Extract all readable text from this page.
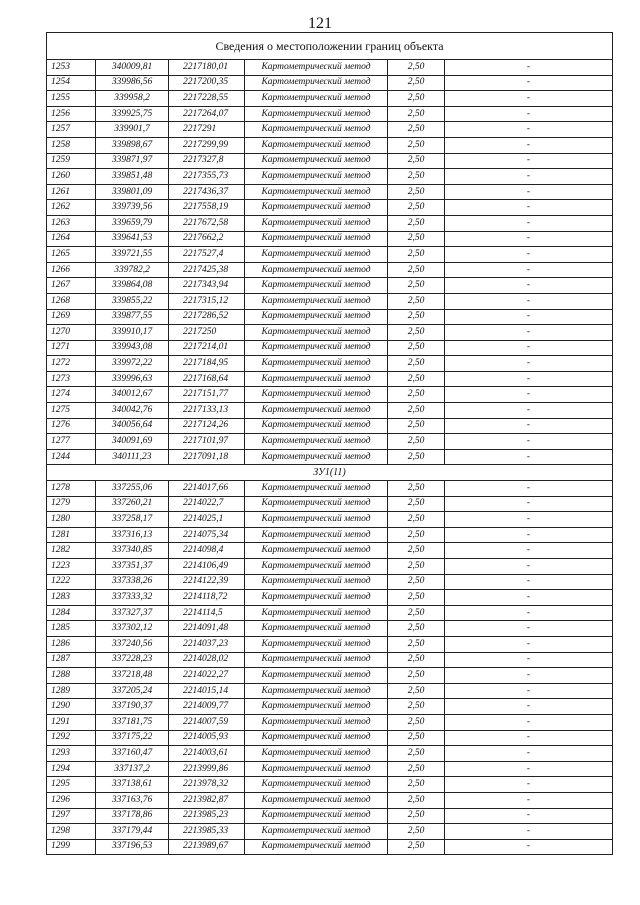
121
Сведения о местоположении границ объекта					
1253	340009,81	2217180,01	Картометрический метод	2,50	-
1254	339986,56	2217200,35	Картометрический метод	2,50	-
1255	339958,2	2217228,55	Картометрический метод	2,50	-
1256	339925,75	2217264,07	Картометрический метод	2,50	-
1257	339901,7	2217291	Картометрический метод	2,50	-
1258	339898,67	2217299,99	Картометрический метод	2,50	-
1259	339871,97	2217327,8	Картометрический метод	2,50	-
1260	339851,48	2217355,73	Картометрический метод	2,50	-
1261	339801,09	2217436,37	Картометрический метод	2,50	-
1262	339739,56	2217558,19	Картометрический метод	2,50	-
1263	339659,79	2217672,58	Картометрический метод	2,50	-
1264	339641,53	2217662,2	Картометрический метод	2,50	-
1265	339721,55	2217527,4	Картометрический метод	2,50	-
1266	339782,2	2217425,38	Картометрический метод	2,50	-
1267	339864,08	2217343,94	Картометрический метод	2,50	-
1268	339855,22	2217315,12	Картометрический метод	2,50	-
1269	339877,55	2217286,52	Картометрический метод	2,50	-
1270	339910,17	2217250	Картометрический метод	2,50	-
1271	339943,08	2217214,01	Картометрический метод	2,50	-
1272	339972,22	2217184,95	Картометрический метод	2,50	-
1273	339996,63	2217168,64	Картометрический метод	2,50	-
1274	340012,67	2217151,77	Картометрический метод	2,50	-
1275	340042,76	2217133,13	Картометрический метод	2,50	-
1276	340056,64	2217124,26	Картометрический метод	2,50	-
1277	340091,69	2217101,97	Картометрический метод	2,50	-
1244	340111,23	2217091,18	Картометрический метод	2,50	-
ЗУ1(11)					
1278	337255,06	2214017,66	Картометрический метод	2,50	-
1279	337260,21	2214022,7	Картометрический метод	2,50	-
1280	337258,17	2214025,1	Картометрический метод	2,50	-
1281	337316,13	2214075,34	Картометрический метод	2,50	-
1282	337340,85	2214098,4	Картометрический метод	2,50	-
1223	337351,37	2214106,49	Картометрический метод	2,50	-
1222	337338,26	2214122,39	Картометрический метод	2,50	-
1283	337333,32	2214118,72	Картометрический метод	2,50	-
1284	337327,37	2214114,5	Картометрический метод	2,50	-
1285	337302,12	2214091,48	Картометрический метод	2,50	-
1286	337240,56	2214037,23	Картометрический метод	2,50	-
1287	337228,23	2214028,02	Картометрический метод	2,50	-
1288	337218,48	2214022,27	Картометрический метод	2,50	-
1289	337205,24	2214015,14	Картометрический метод	2,50	-
1290	337190,37	2214009,77	Картометрический метод	2,50	-
1291	337181,75	2214007,59	Картометрический метод	2,50	-
1292	337175,22	2214005,93	Картометрический метод	2,50	-
1293	337160,47	2214003,61	Картометрический метод	2,50	-
1294	337137,2	2213999,86	Картометрический метод	2,50	-
1295	337138,61	2213978,32	Картометрический метод	2,50	-
1296	337163,76	2213982,87	Картометрический метод	2,50	-
1297	337178,86	2213985,23	Картометрический метод	2,50	-
1298	337179,44	2213985,33	Картометрический метод	2,50	-
1299	337196,53	2213989,67	Картометрический метод	2,50	-
